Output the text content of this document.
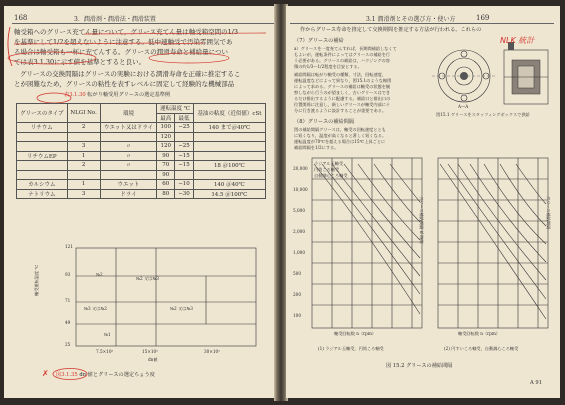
168	3．潤滑剤・潤滑法・潤滑装置
軸受箱へのグリース充てん量について，グリース充てん量は軸受箱空間の1/3
を基準にして1/2を超えないように注意する。低中速軸受で汚染雰囲気であ
る場合は軸受箱も一杯に充てんする。グリースの潤滑寿命と補給量につい
ては表3.1.30に示す値を基準とすると良い。
グリースの交換間隔はグリースの実験における潤滑寿命を正確に推定するこ
とが困難なため，グリースの粘性を表すレベルに固定して経験的な機械部品
表3.1.30 転がり軸受用グリースの選定基準例
グリースのタイプ	NLGI No.	環境	運転温度 ℃		基油の粘度（近似値）cSt
			最高	最低	
リチウム	2	ウエット又はドライ	100	−25	140 まで＠40℃
			120		
	3	〃	120	−25	
リチウムEP	1	〃	90	−15	
	2	〃	70	−15	18 ＠100℃
			90		
カルシウム	1	ウエット	60	−10	140 ＠40℃
ナトリウム	3	ドライ	80	−30	14.5 ＠100℃
121
93
71
49
25
軸受運転温度 ℃	№2
№2 又は№3
№3 又は№2	№2 又は№3
№1
7.5×10⁵	15×10⁵	30×10⁵
dn値
✗ 図3.1.35 dn 値とグリースの選定ちょう度
3.1 潤滑剤とその選び方・使い方	169
作からグリース寿命を推定して交換期間を推定する方法が行われる。これらの
（7）グリースの補給
a）グリースを一度充てんすれば，長期間補給しなくて
もよいが，運転条件によってはグリースの補給を行
う必要がある。グリースの補給は，ハウジングの容
積の約1/3〜1/2程度を目安とする。
補給間隔は転がり軸受の種類，寸法，回転速度，
運転温度などによって異なり，図15.1のような線図
によって求める。グリースの補給は軸受の状態を観
察しながら行うのが望ましく，古いグリースはでき
るだけ排出するように配慮する。補給口と排出口の
位置関係に注意し，新しいグリースが軸受内部に十
分に行き渡るように設計することが重要である。
（8）グリースの補給間隔
図の補給間隔グリースは，軸受の回転速度ととも
に短くなり，温度が高くなると著しく短くなる。
運転温度が70℃を超える場合は15℃上昇ごとに
補給間隔を1/2にする。
A—A
NLK 統計
図15.1 グリースをスタッフィングボックスで供給
20,000
10,000
5,000
2,000
1,000
500
200
100
ラジアル玉軸受
円筒ころ軸受
自動調心ころ軸受
グリース補給間隔 tf 時間
軸受回転数 n（rpm）	軸受回転数 n（rpm）
グリース補給間隔
(1) ラジアル玉軸受，円筒ころ軸受	(2) 円すいころ軸受，自動調心ころ軸受
図 15.2 グリースの補給間隔
A 91
